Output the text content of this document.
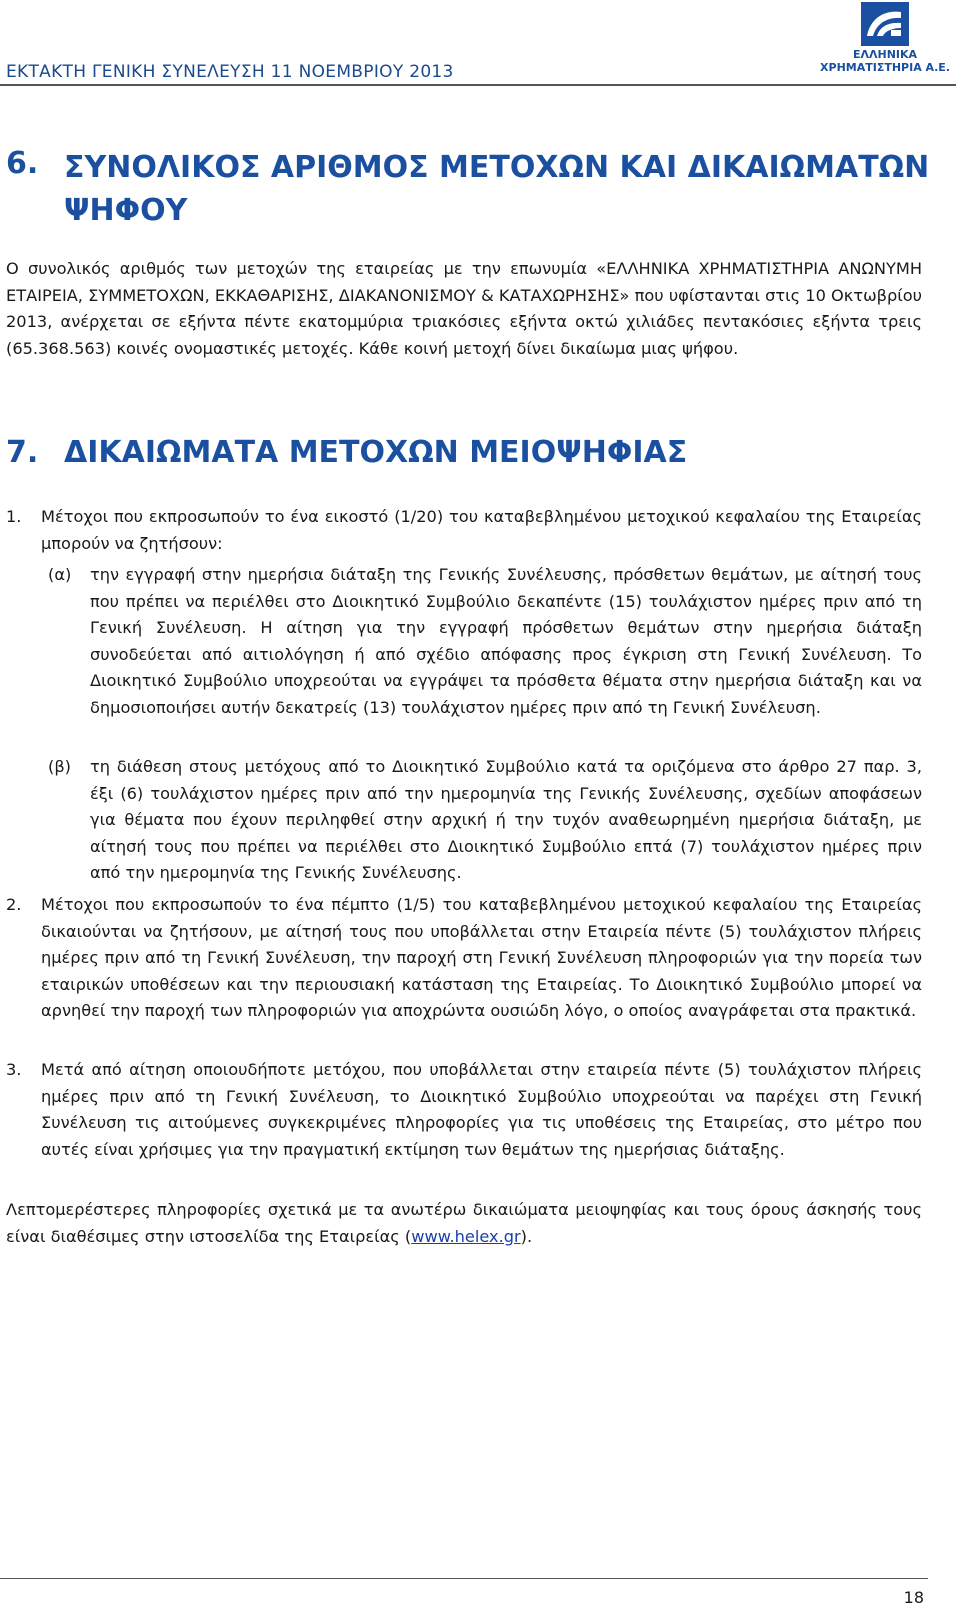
ΕΚΤΑΚΤΗ ΓΕΝΙΚΗ ΣΥΝΕΛΕΥΣΗ 11 ΝΟΕΜΒΡΙΟΥ 2013
ΕΛΛΗΝΙΚΑ
ΧΡΗΜΑΤΙΣΤΗΡΙΑ Α.Ε.
6. ΣΥΝΟΛΙΚΟΣ ΑΡΙΘΜΟΣ ΜΕΤΟΧΩΝ ΚΑΙ ΔΙΚΑΙΩΜΑΤΩΝ ΨΗΦΟΥ

Ο συνολικός αριθμός των μετοχών της εταιρείας με την επωνυμία «ΕΛΛΗΝΙΚΑ ΧΡΗΜΑΤΙΣΤΗΡΙΑ ΑΝΩΝΥΜΗ ΕΤΑΙΡΕΙΑ, ΣΥΜΜΕΤΟΧΩΝ, ΕΚΚΑΘΑΡΙΣΗΣ, ΔΙΑΚΑΝΟΝΙΣΜΟΥ & ΚΑΤΑΧΩΡΗΣΗΣ» που υφίστανται στις 10 Οκτωβρίου 2013, ανέρχεται σε εξήντα πέντε εκατομμύρια τριακόσιες εξήντα οκτώ χιλιάδες πεντακόσιες εξήντα τρεις (65.368.563) κοινές ονομαστικές μετοχές. Κάθε κοινή μετοχή δίνει δικαίωμα μιας ψήφου.

7. ΔΙΚΑΙΩΜΑΤΑ ΜΕΤΟΧΩΝ ΜΕΙΟΨΗΦΙΑΣ
1. Μέτοχοι που εκπροσωπούν το ένα εικοστό (1/20) του καταβεβλημένου μετοχικού κεφαλαίου της Εταιρείας μπορούν να ζητήσουν:
(α) την εγγραφή στην ημερήσια διάταξη της Γενικής Συνέλευσης, πρόσθετων θεμάτων, με αίτησή τους που πρέπει να περιέλθει στο Διοικητικό Συμβούλιο δεκαπέντε (15) τουλάχιστον ημέρες πριν από τη Γενική Συνέλευση. Η αίτηση για την εγγραφή πρόσθετων θεμάτων στην ημερήσια διάταξη συνοδεύεται από αιτιολόγηση ή από σχέδιο απόφασης προς έγκριση στη Γενική Συνέλευση. Το Διοικητικό Συμβούλιο υποχρεούται να εγγράψει τα πρόσθετα θέματα στην ημερήσια διάταξη και να δημοσιοποιήσει αυτήν δεκατρείς (13) τουλάχιστον ημέρες πριν από τη Γενική Συνέλευση.
(β) τη διάθεση στους μετόχους από το Διοικητικό Συμβούλιο κατά τα οριζόμενα στο άρθρο 27 παρ. 3, έξι (6) τουλάχιστον ημέρες πριν από την ημερομηνία της Γενικής Συνέλευσης, σχεδίων αποφάσεων για θέματα που έχουν περιληφθεί στην αρχική ή την τυχόν αναθεωρημένη ημερήσια διάταξη, με αίτησή τους που πρέπει να περιέλθει στο Διοικητικό Συμβούλιο επτά (7) τουλάχιστον ημέρες πριν από την ημερομηνία της Γενικής Συνέλευσης.
2. Μέτοχοι που εκπροσωπούν το ένα πέμπτο (1/5) του καταβεβλημένου μετοχικού κεφαλαίου της Εταιρείας δικαιούνται να ζητήσουν, με αίτησή τους που υποβάλλεται στην Εταιρεία πέντε (5) τουλάχιστον πλήρεις ημέρες πριν από τη Γενική Συνέλευση, την παροχή στη Γενική Συνέλευση πληροφοριών για την πορεία των εταιρικών υποθέσεων και την περιουσιακή κατάσταση της Εταιρείας. Το Διοικητικό Συμβούλιο μπορεί να αρνηθεί την παροχή των πληροφοριών για αποχρώντα ουσιώδη λόγο, ο οποίος αναγράφεται στα πρακτικά.
3. Μετά από αίτηση οποιουδήποτε μετόχου, που υποβάλλεται στην εταιρεία πέντε (5) τουλάχιστον πλήρεις ημέρες πριν από τη Γενική Συνέλευση, το Διοικητικό Συμβούλιο υποχρεούται να παρέχει στη Γενική Συνέλευση τις αιτούμενες συγκεκριμένες πληροφορίες για τις υποθέσεις της Εταιρείας, στο μέτρο που αυτές είναι χρήσιμες για την πραγματική εκτίμηση των θεμάτων της ημερήσιας διάταξης.

Λεπτομερέστερες πληροφορίες σχετικά με τα ανωτέρω δικαιώματα μειοψηφίας και τους όρους άσκησής τους είναι διαθέσιμες στην ιστοσελίδα της Εταιρείας (www.helex.gr).

18
